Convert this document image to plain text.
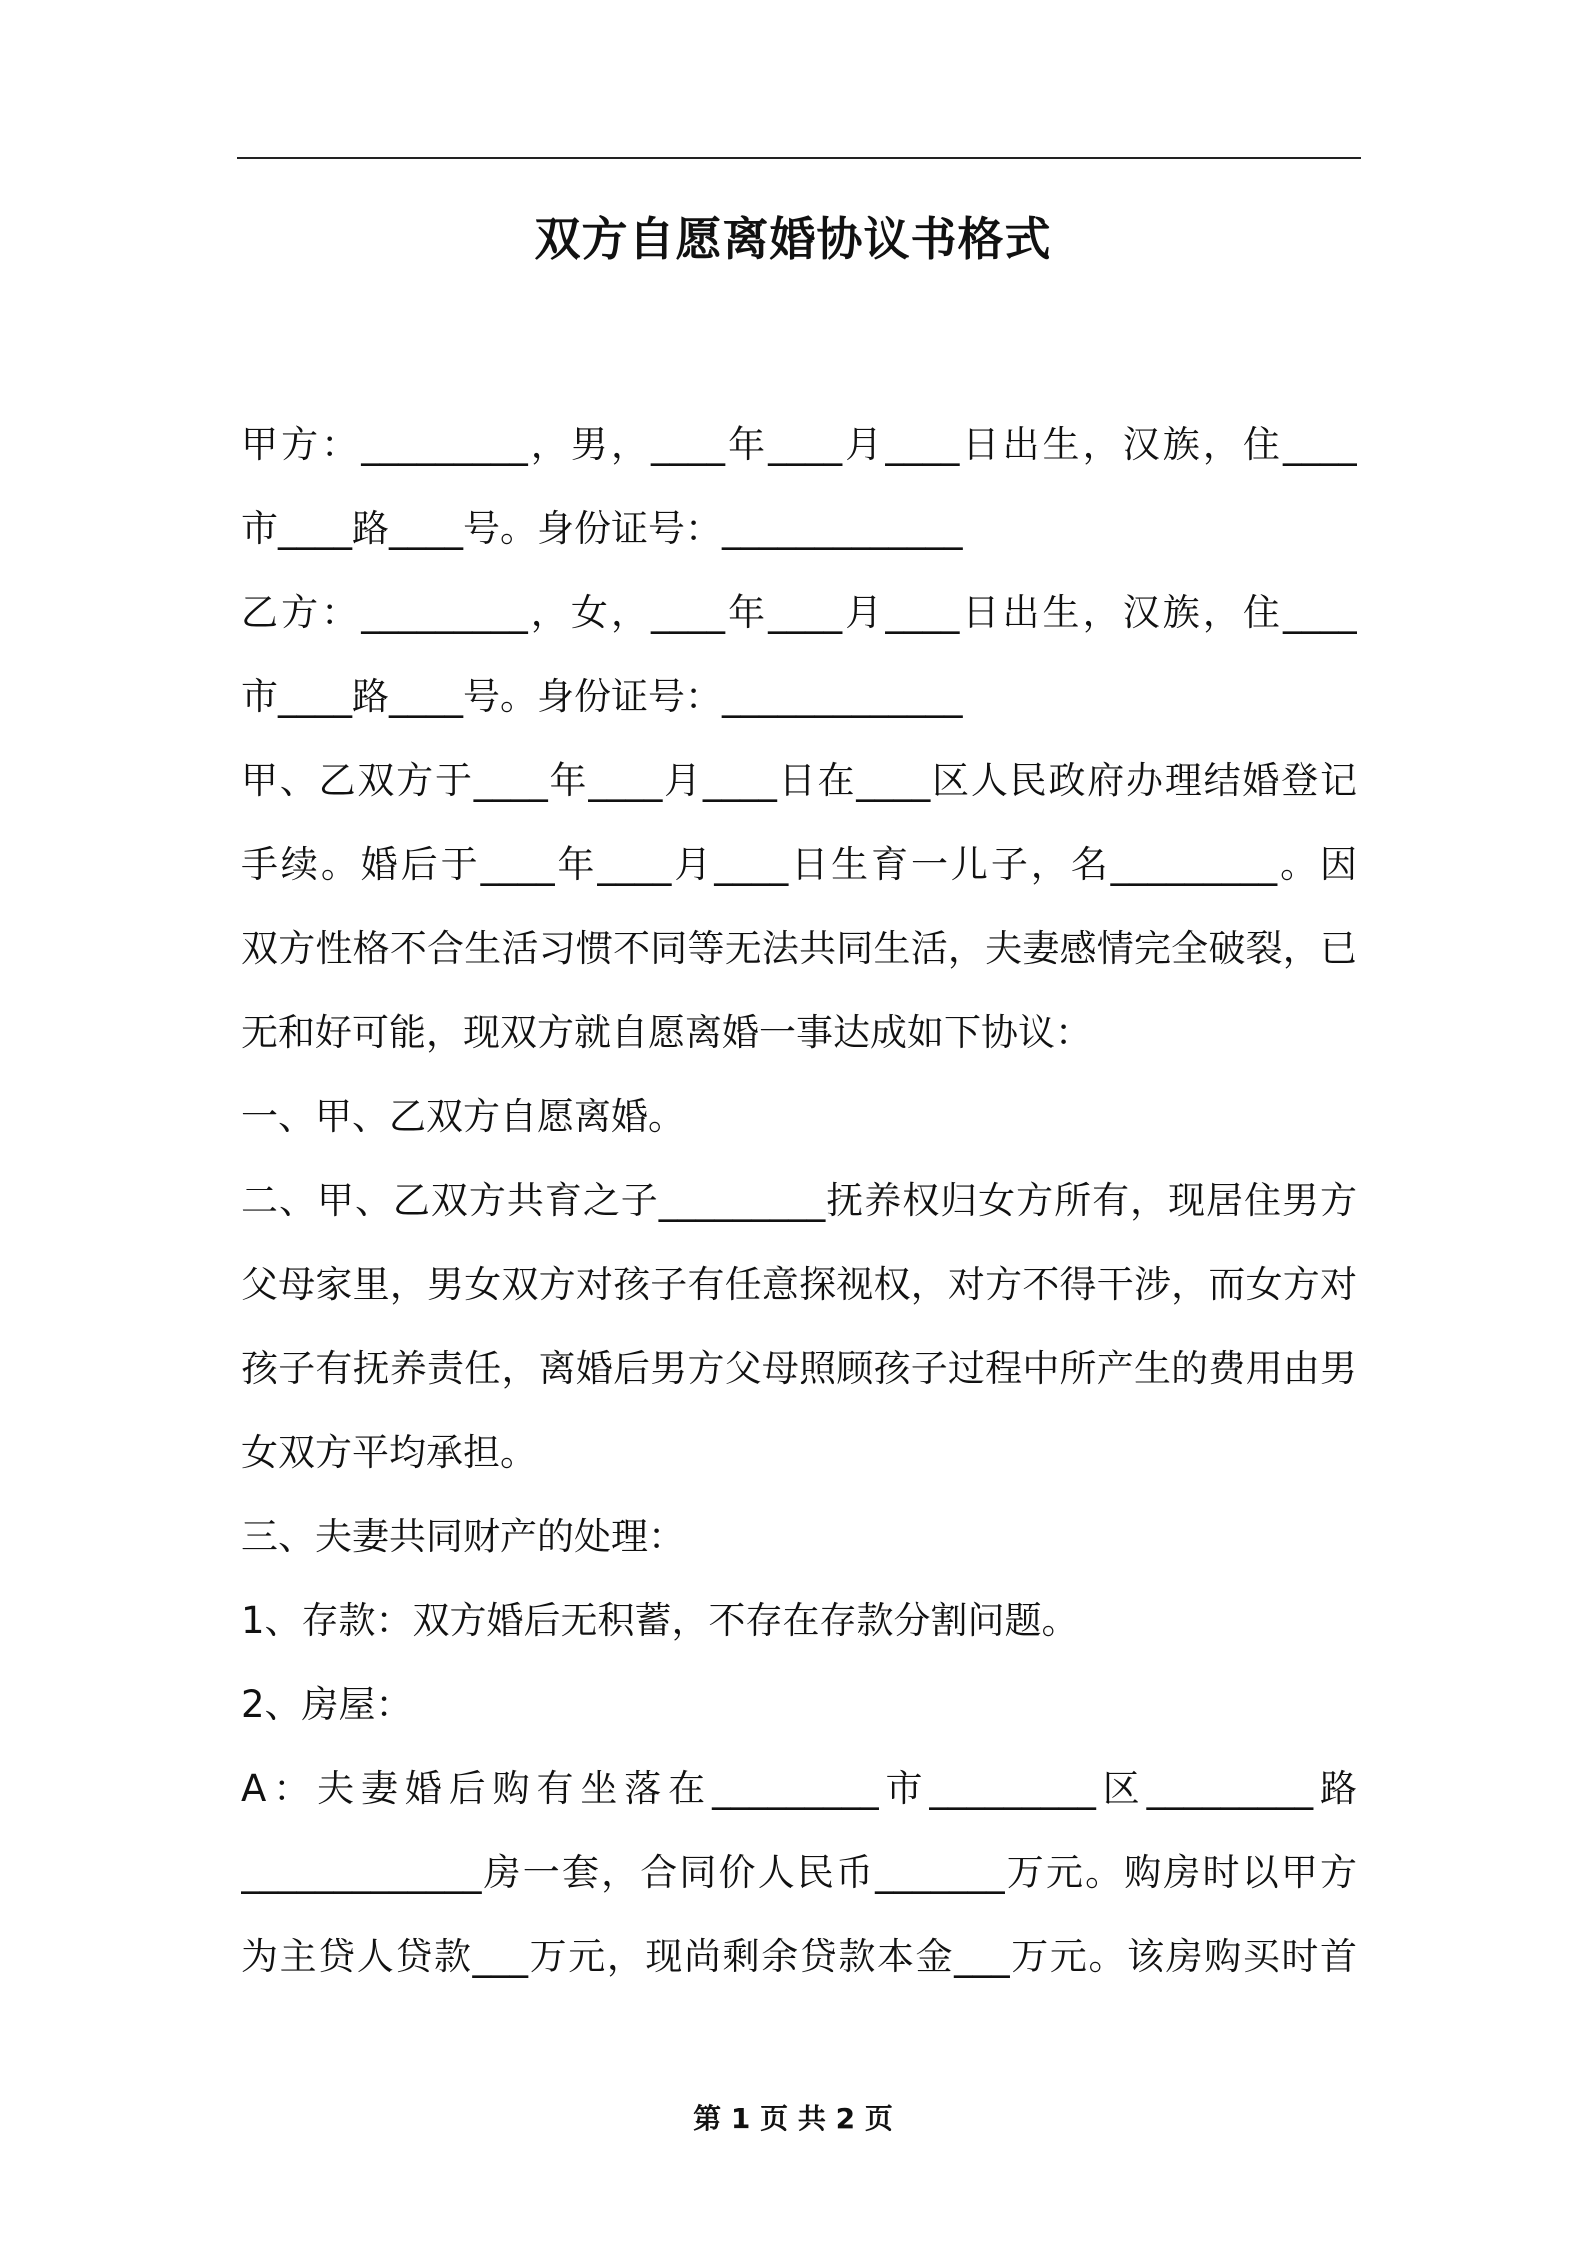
双方自愿离婚协议书格式
甲方：_________，男，____年____月____日出生，汉族，住____
市____路____号。身份证号：_____________
乙方：_________，女，____年____月____日出生，汉族，住____
市____路____号。身份证号：_____________
甲、乙双方于____年____月____日在____区人民政府办理结婚登记
手续。婚后于____年____月____日生育一儿子，名_________。因
双方性格不合生活习惯不同等无法共同生活，夫妻感情完全破裂，已
无和好可能，现双方就自愿离婚一事达成如下协议：
一、甲、乙双方自愿离婚。
二、甲、乙双方共育之子_________抚养权归女方所有，现居住男方
父母家里，男女双方对孩子有任意探视权，对方不得干涉，而女方对
孩子有抚养责任，离婚后男方父母照顾孩子过程中所产生的费用由男
女双方平均承担。
三、夫妻共同财产的处理：
1、存款：双方婚后无积蓄，不存在存款分割问题。
2、房屋：
A：夫妻婚后购有坐落在_________市_________区_________路
_____________房一套，合同价人民币_______万元。购房时以甲方
为主贷人贷款___万元，现尚剩余贷款本金___万元。该房购买时首
第 1 页 共 2 页
